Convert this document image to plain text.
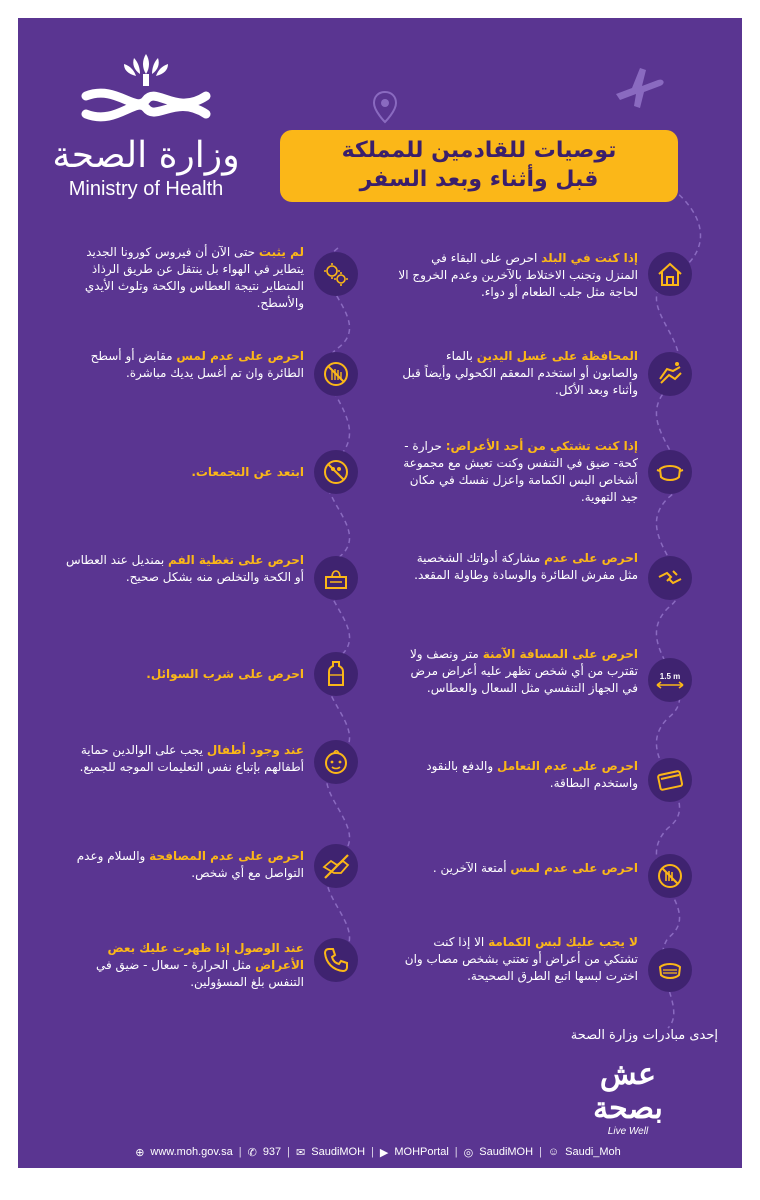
وزارة الصحة
Ministry of Health
توصيات للقادمين للمملكة
قبل وأثناء وبعد السفر
إذا كنت في البلد احرص على البقاء في المنزل وتجنب الاختلاط بالآخرين وعدم الخروج الا لحاجة مثل جلب الطعام أو دواء.
المحافظة على غسل اليدين بالماء والصابون أو استخدم المعقم الكحولي وأيضاً قبل وأثناء وبعد الأكل.
إذا كنت تشتكي من أحد الأعراض: حرارة - كحة- ضيق في التنفس وكنت تعيش مع مجموعة أشخاص البس الكمامة واعزل نفسك في مكان جيد التهوية.
احرص على عدم مشاركة أدواتك الشخصية مثل مفرش الطائرة والوسادة وطاولة المقعد.
1.5 m
احرص على المسافة الآمنة متر ونصف ولا تقترب من أي شخص تظهر عليه أعراض مرض في الجهاز التنفسي مثل السعال والعطاس.
احرص على عدم التعامل والدفع بالنقود واستخدم البطاقة.
احرص على عدم لمس أمتعة الآخرين .
لا يجب عليك لبس الكمامة الا إذا كنت تشتكي من أعراض أو تعتني بشخص مصاب وان اخترت لبسها اتبع الطرق الصحيحة.
لم يثبت حتى الآن أن فيروس كورونا الجديد يتطاير في الهواء بل ينتقل عن طريق الرذاذ المتطاير نتيجة العطاس والكحة وتلوث الأيدي والأسطح.
احرص على عدم لمس مقابض أو أسطح الطائرة وان تم أغسل يديك مباشرة.
ابتعد عن التجمعات.
احرص على تغطية الفم بمنديل عند العطاس أو الكحة والتخلص منه بشكل صحيح.
احرص على شرب السوائل.
عند وجود أطفال يجب على الوالدين حماية أطفالهم بإتباع نفس التعليمات الموجه للجميع.
احرص على عدم المصافحة والسلام وعدم التواصل مع أي شخص.
عند الوصول إذا ظهرت عليك بعض الأعراض مثل الحرارة - سعال - ضيق في التنفس بلغ المسؤولين.
إحدى مبادرات وزارة الصحة
عش بصحة
Live Well
⊕ www.moh.gov.sa | ✆ 937 | ✉ SaudiMOH | ▶ MOHPortal | ◎ SaudiMOH | ☺ Saudi_Moh
